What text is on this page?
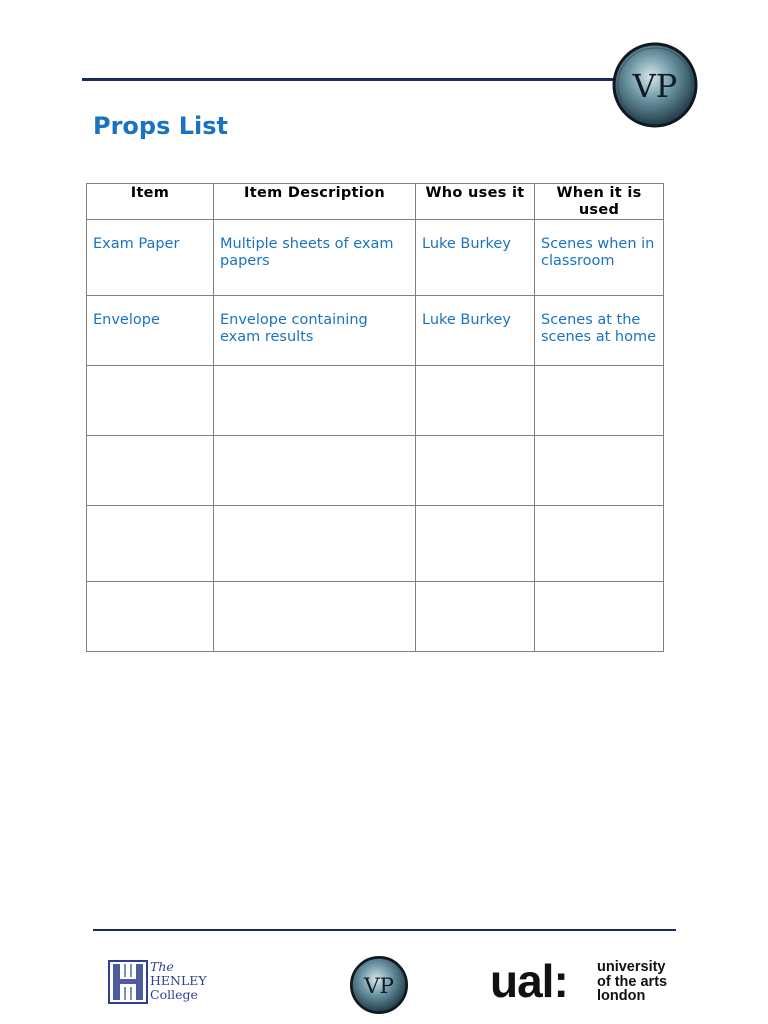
VP
Props List
Item	Item Description	Who uses it	When it is used
Exam Paper	Multiple sheets of exam papers	Luke Burkey	Scenes when in classroom
Envelope	Envelope containing exam results	Luke Burkey	Scenes at the scenes at home

The
HENLEY
College	VP ual: university
of the arts
london
